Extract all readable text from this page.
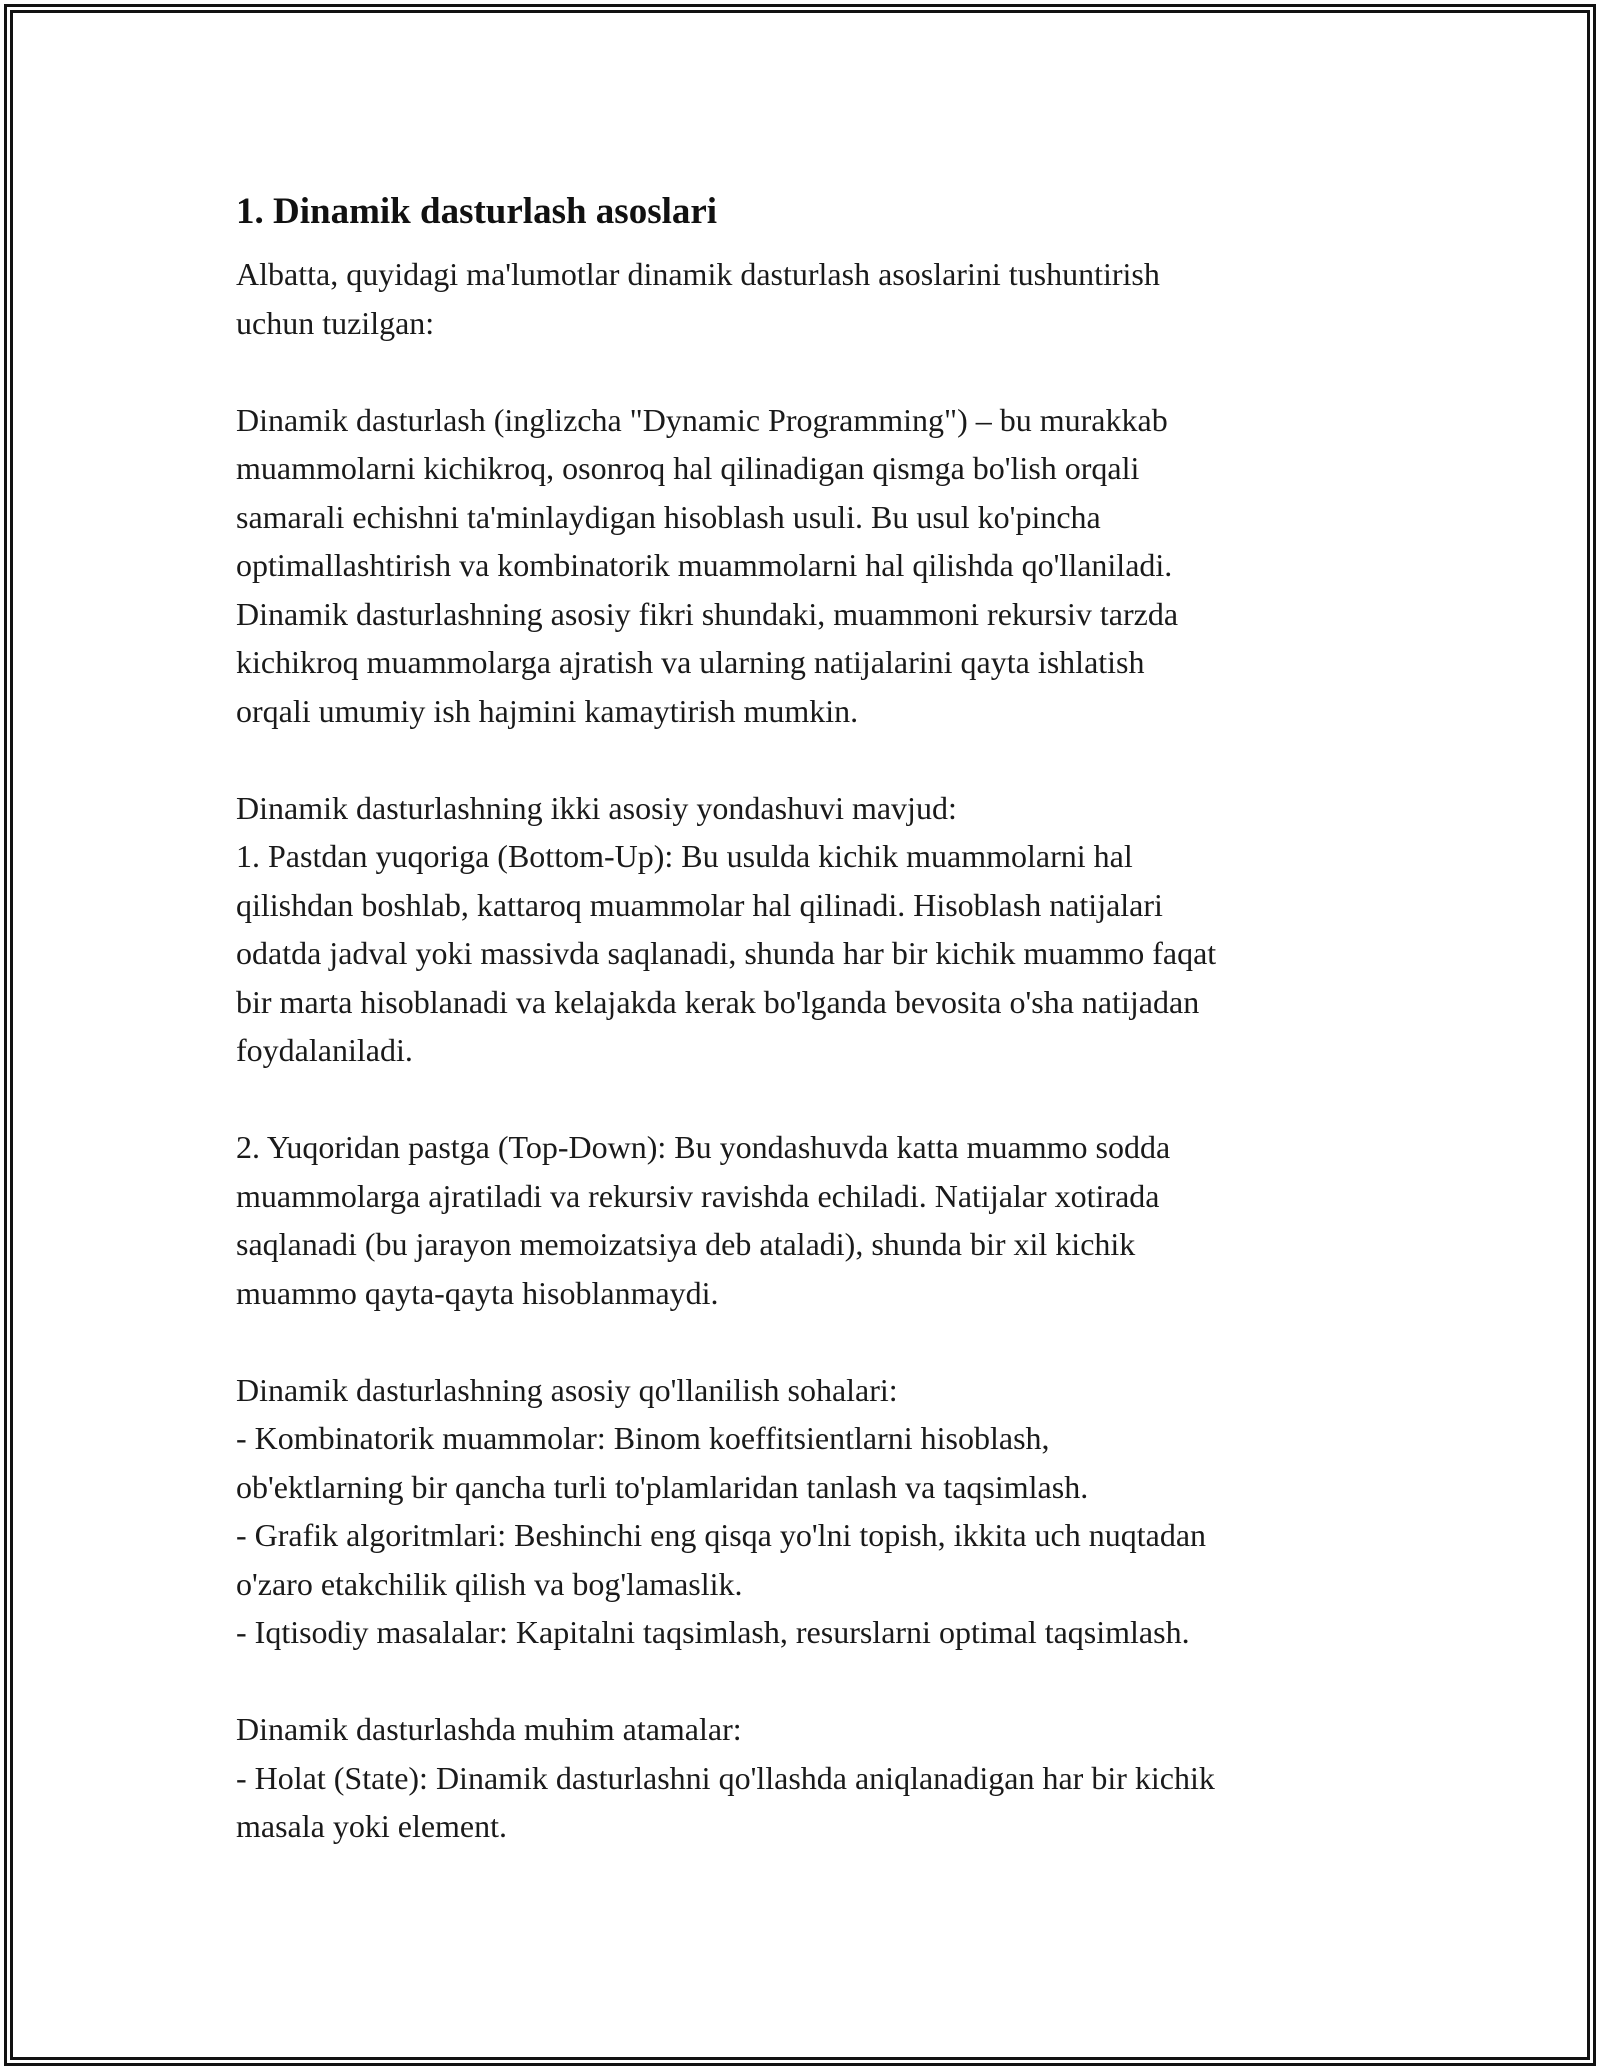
1. Dinamik dasturlash asoslari

Albatta, quyidagi ma'lumotlar dinamik dasturlash asoslarini tushuntirish
uchun tuzilgan:

Dinamik dasturlash (inglizcha "Dynamic Programming") – bu murakkab
muammolarni kichikroq, osonroq hal qilinadigan qismga bo'lish orqali
samarali echishni ta'minlaydigan hisoblash usuli. Bu usul ko'pincha
optimallashtirish va kombinatorik muammolarni hal qilishda qo'llaniladi.
Dinamik dasturlashning asosiy fikri shundaki, muammoni rekursiv tarzda
kichikroq muammolarga ajratish va ularning natijalarini qayta ishlatish
orqali umumiy ish hajmini kamaytirish mumkin.

Dinamik dasturlashning ikki asosiy yondashuvi mavjud:
1. Pastdan yuqoriga (Bottom-Up): Bu usulda kichik muammolarni hal
qilishdan boshlab, kattaroq muammolar hal qilinadi. Hisoblash natijalari
odatda jadval yoki massivda saqlanadi, shunda har bir kichik muammo faqat
bir marta hisoblanadi va kelajakda kerak bo'lganda bevosita o'sha natijadan
foydalaniladi.

2. Yuqoridan pastga (Top-Down): Bu yondashuvda katta muammo sodda
muammolarga ajratiladi va rekursiv ravishda echiladi. Natijalar xotirada
saqlanadi (bu jarayon memoizatsiya deb ataladi), shunda bir xil kichik
muammo qayta-qayta hisoblanmaydi.

Dinamik dasturlashning asosiy qo'llanilish sohalari:
- Kombinatorik muammolar: Binom koeffitsientlarni hisoblash,
ob'ektlarning bir qancha turli to'plamlaridan tanlash va taqsimlash.
- Grafik algoritmlari: Beshinchi eng qisqa yo'lni topish, ikkita uch nuqtadan
o'zaro etakchilik qilish va bog'lamaslik.
- Iqtisodiy masalalar: Kapitalni taqsimlash, resurslarni optimal taqsimlash.

Dinamik dasturlashda muhim atamalar:
- Holat (State): Dinamik dasturlashni qo'llashda aniqlanadigan har bir kichik
masala yoki element.
